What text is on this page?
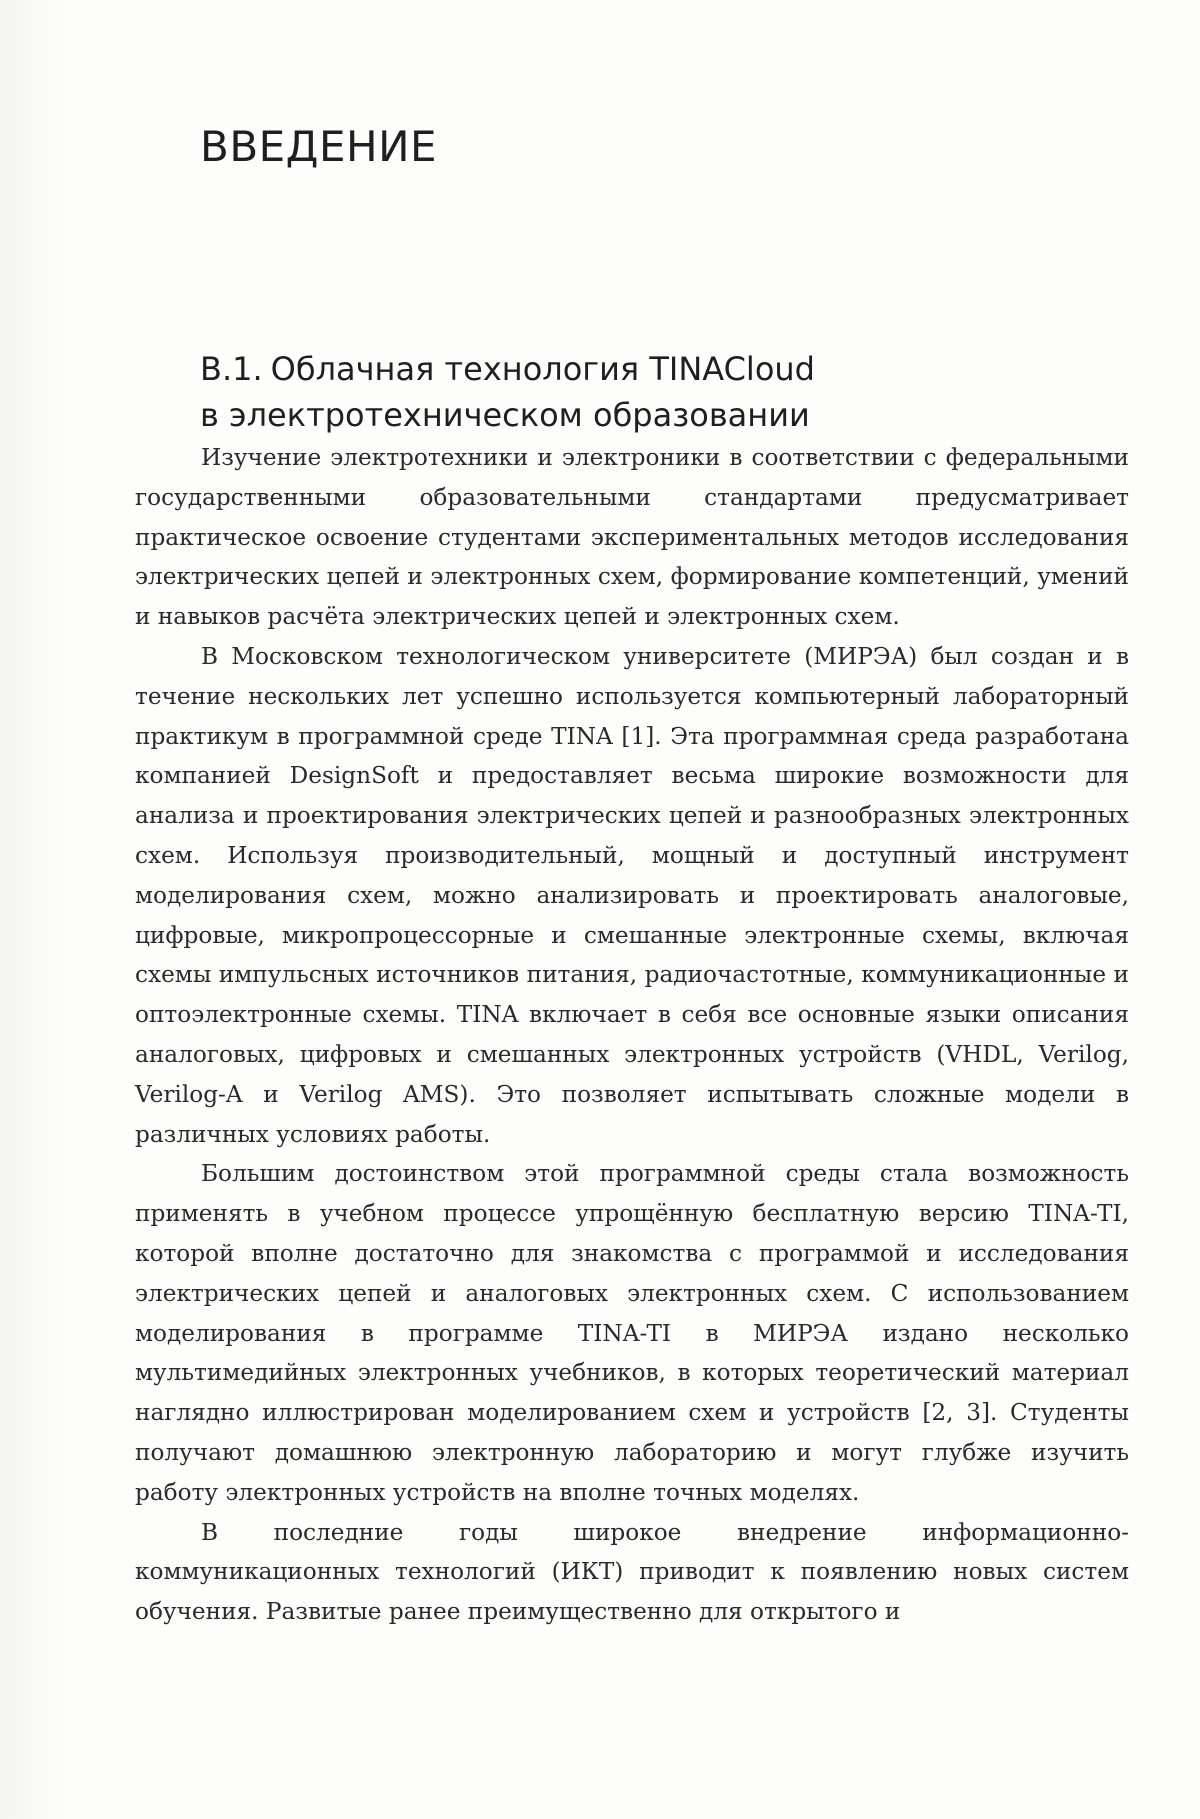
ВВЕДЕНИЕ
В.1. Облачная технология TINACloud
в электротехническом образовании

Изучение электротехники и электроники в соответствии с федеральными государственными образовательными стандартами предусматривает практическое освоение студентами экспериментальных методов исследования электрических цепей и электронных схем, формирование компетенций, умений и навыков расчёта электрических цепей и электронных схем.

В Московском технологическом университете (МИРЭА) был создан и в течение нескольких лет успешно используется компьютерный лабораторный практикум в программной среде TINA [1]. Эта программная среда разработана компанией DesignSoft и предоставляет весьма широкие возможности для анализа и проектирования электрических цепей и разнообразных электронных схем. Используя производительный, мощный и доступный инструмент моделирования схем, можно анализировать и проектировать аналоговые, цифровые, микропроцессорные и смешанные электронные схемы, включая схемы импульсных источников питания, радиочастотные, коммуникационные и оптоэлектронные схемы. TINA включает в себя все основные языки описания аналоговых, цифровых и смешанных электронных устройств (VHDL, Verilog, Verilog-A и Verilog AMS). Это позволяет испытывать сложные модели в различных условиях работы.

Большим достоинством этой программной среды стала возможность применять в учебном процессе упрощённую бесплатную версию TINA-TI, которой вполне достаточно для знакомства с программой и исследования электрических цепей и аналоговых электронных схем. С использованием моделирования в программе TINA-TI в МИРЭА издано несколько мультимедийных электронных учебников, в которых теоретический материал наглядно иллюстрирован моделированием схем и устройств [2, 3]. Студенты получают домашнюю электронную лабораторию и могут глубже изучить работу электронных устройств на вполне точных моделях.

В последние годы широкое внедрение информационно-коммуникационных технологий (ИКТ) приводит к появлению новых систем обучения. Развитые ранее преимущественно для открытого и
